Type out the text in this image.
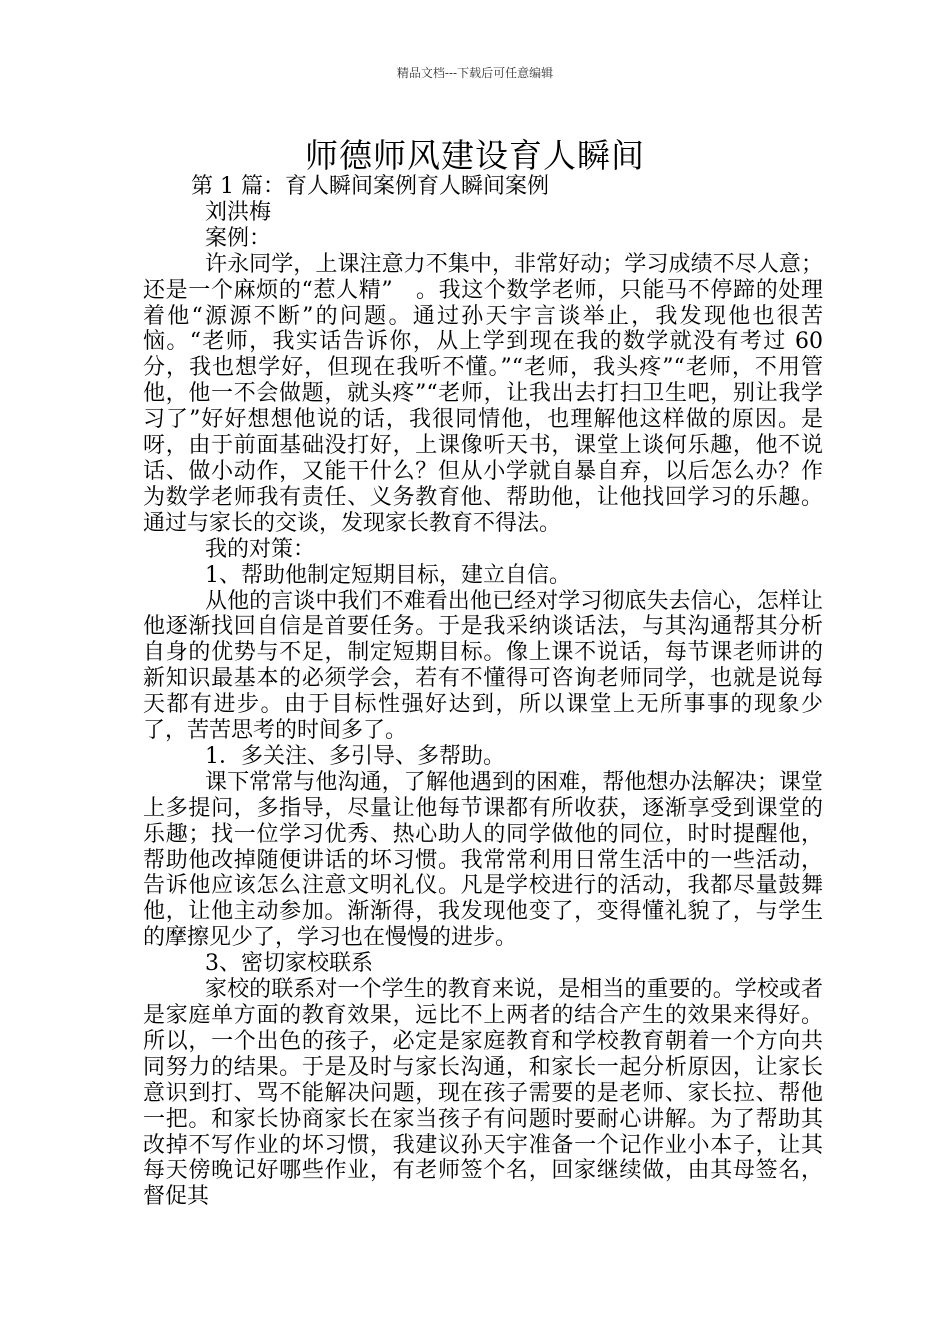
精品文档---下载后可任意编辑
师德师风建设育人瞬间

第 1 篇：育人瞬间案例育人瞬间案例

刘洪梅

案例：

许永同学，上课注意力不集中，非常好动；学习成绩不尽人意；还是一个麻烦的“惹人精”　。我这个数学老师，只能马不停蹄的处理着他“源源不断”的问题。通过孙天宇言谈举止，我发现他也很苦恼。“老师，我实话告诉你，从上学到现在我的数学就没有考过 60 分，我也想学好，但现在我听不懂。”“老师，我头疼”“老师，不用管他，他一不会做题，就头疼”“老师，让我出去打扫卫生吧，别让我学习了”好好想想他说的话，我很同情他，也理解他这样做的原因。是呀，由于前面基础没打好，上课像听天书，课堂上谈何乐趣，他不说话、做小动作，又能干什么？但从小学就自暴自弃，以后怎么办？作为数学老师我有责任、义务教育他、帮助他，让他找回学习的乐趣。通过与家长的交谈，发现家长教育不得法。

我的对策：

1、帮助他制定短期目标，建立自信。

从他的言谈中我们不难看出他已经对学习彻底失去信心，怎样让他逐渐找回自信是首要任务。于是我采纳谈话法，与其沟通帮其分析自身的优势与不足，制定短期目标。像上课不说话，每节课老师讲的新知识最基本的必须学会，若有不懂得可咨询老师同学，也就是说每天都有进步。由于目标性强好达到，所以课堂上无所事事的现象少了，苦苦思考的时间多了。

1．多关注、多引导、多帮助。

课下常常与他沟通，了解他遇到的困难，帮他想办法解决；课堂上多提问，多指导，尽量让他每节课都有所收获，逐渐享受到课堂的乐趣；找一位学习优秀、热心助人的同学做他的同位，时时提醒他，帮助他改掉随便讲话的坏习惯。我常常利用日常生活中的一些活动，告诉他应该怎么注意文明礼仪。凡是学校进行的活动，我都尽量鼓舞他，让他主动参加。渐渐得，我发现他变了，变得懂礼貌了，与学生的摩擦见少了，学习也在慢慢的进步。

3、密切家校联系

家校的联系对一个学生的教育来说，是相当的重要的。学校或者是家庭单方面的教育效果，远比不上两者的结合产生的效果来得好。所以，一个出色的孩子，必定是家庭教育和学校教育朝着一个方向共同努力的结果。于是及时与家长沟通，和家长一起分析原因，让家长意识到打、骂不能解决问题，现在孩子需要的是老师、家长拉、帮他一把。和家长协商家长在家当孩子有问题时要耐心讲解。为了帮助其改掉不写作业的坏习惯，我建议孙天宇准备一个记作业小本子，让其每天傍晚记好哪些作业，有老师签个名，回家继续做，由其母签名，督促其
